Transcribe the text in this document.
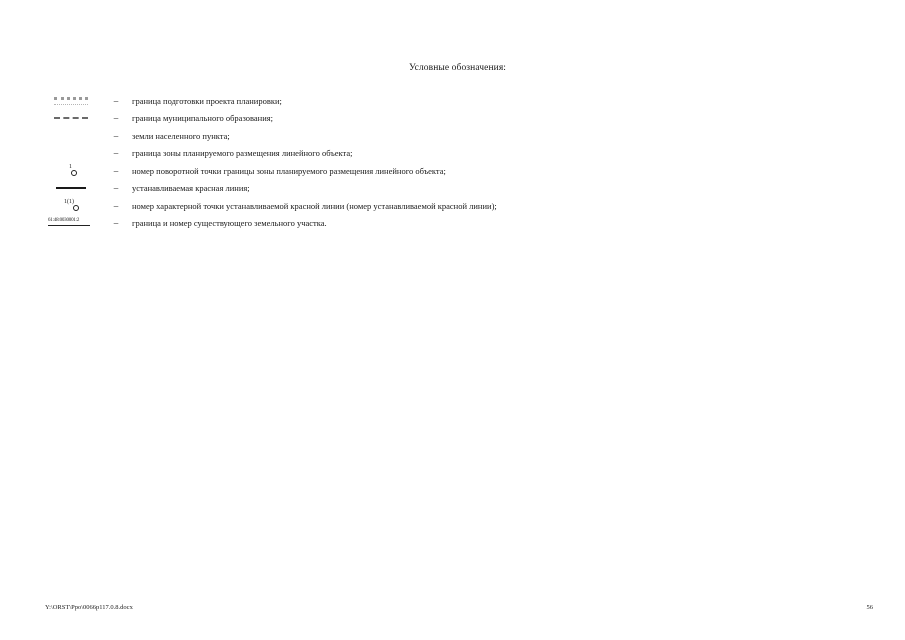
Условные обозначения:
–	граница подготовки проекта планировки;
–	граница муниципального образования;
–	земли населенного пункта;
–	граница зоны планируемого размещения линейного объекта;
1	–	номер поворотной точки границы зоны планируемого размещения линейного объекта;
–	устанавливаемая красная линия;
1(1)	–	номер характерной точки устанавливаемой красной линии (номер устанавливаемой красной линии);
61:48:0030001:2	–	граница и номер существующего земельного участка.
Y:\ORST\Ppo\0066p117.0.8.docx	56
